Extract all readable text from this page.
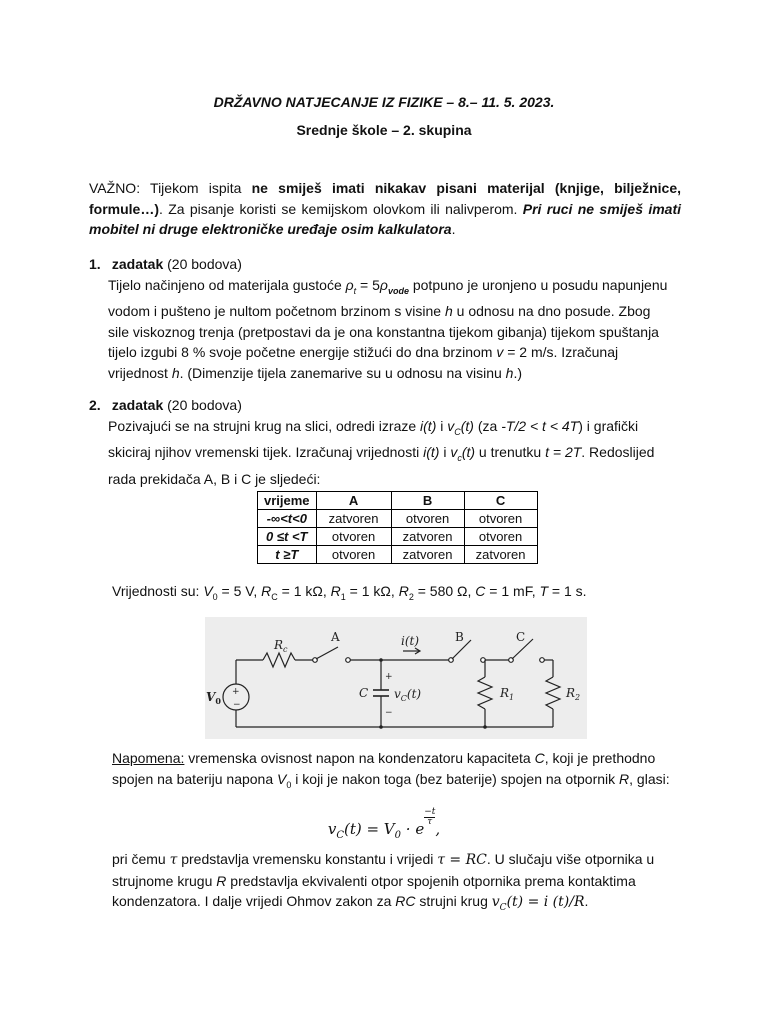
DRŽAVNO NATJECANJE IZ FIZIKE – 8.– 11. 5. 2023.
Srednje škole – 2. skupina
VAŽNO: Tijekom ispita ne smiješ imati nikakav pisani materijal (knjige, bilježnice, formule…). Za pisanje koristi se kemijskom olovkom ili nalivperom. Pri ruci ne smiješ imati mobitel ni druge elektroničke uređaje osim kalkulatora.
1. zadatak (20 bodova)
Tijelo načinjeno od materijala gustoće $\rho_t = 5\rho_{vode}$ potpuno je uronjeno u posudu napunjenu vodom i pušteno je nultom početnom brzinom s visine h u odnosu na dno posude. Zbog sile viskoznog trenja (pretpostavi da je ona konstantna tijekom gibanja) tijekom spuštanja tijelo izgubi 8 % svoje početne energije stižući do dna brzinom v = 2 m/s. Izračunaj vrijednost h. (Dimenzije tijela zanemarive su u odnosu na visinu h.)
2. zadatak (20 bodova)
Pozivajući se na strujni krug na slici, odredi izraze i(t) i $v_C(t)$ (za -T/2 < t < 4T) i grafički skiciraj njihov vremenski tijek. Izračunaj vrijednosti i(t) i $v_c(t)$ u trenutku t = 2T. Redoslijed rada prekidača A, B i C je sljedeći:
vrijeme	A	B	C
-∞<t<0	zatvoren	otvoren	otvoren
0 ≤t <T	otvoren	zatvoren	otvoren
t ≥T	otvoren	zatvoren	zatvoren
Vrijednosti su: $V_0 = 5$ V, $R_C = 1$ kΩ, $R_1 = 1$ kΩ, $R_2 = 580$ Ω, C = 1 mF, T = 1 s.
A	B	C
$R_c$
i(t)
$V_0$
+
−
C
+
−
$v_C(t)$	$R_1$	$R_2$
Napomena: vremenska ovisnost napon na kondenzatoru kapaciteta C, koji je prethodno spojen na bateriju napona $V_0$ i koji je nakon toga (bez baterije) spojen na otpornik R, glasi:
$v_C(t) = V_0 \cdot e$
$^{\frac{-t}{\tau}}$
,
pri čemu τ predstavlja vremensku konstantu i vrijedi τ = RC. U slučaju više otpornika u strujnome krugu R predstavlja ekvivalenti otpor spojenih otpornika prema kontaktima kondenzatora. I dalje vrijedi Ohmov zakon za RC strujni krug $v_C(t) = i$ (t)/R.
